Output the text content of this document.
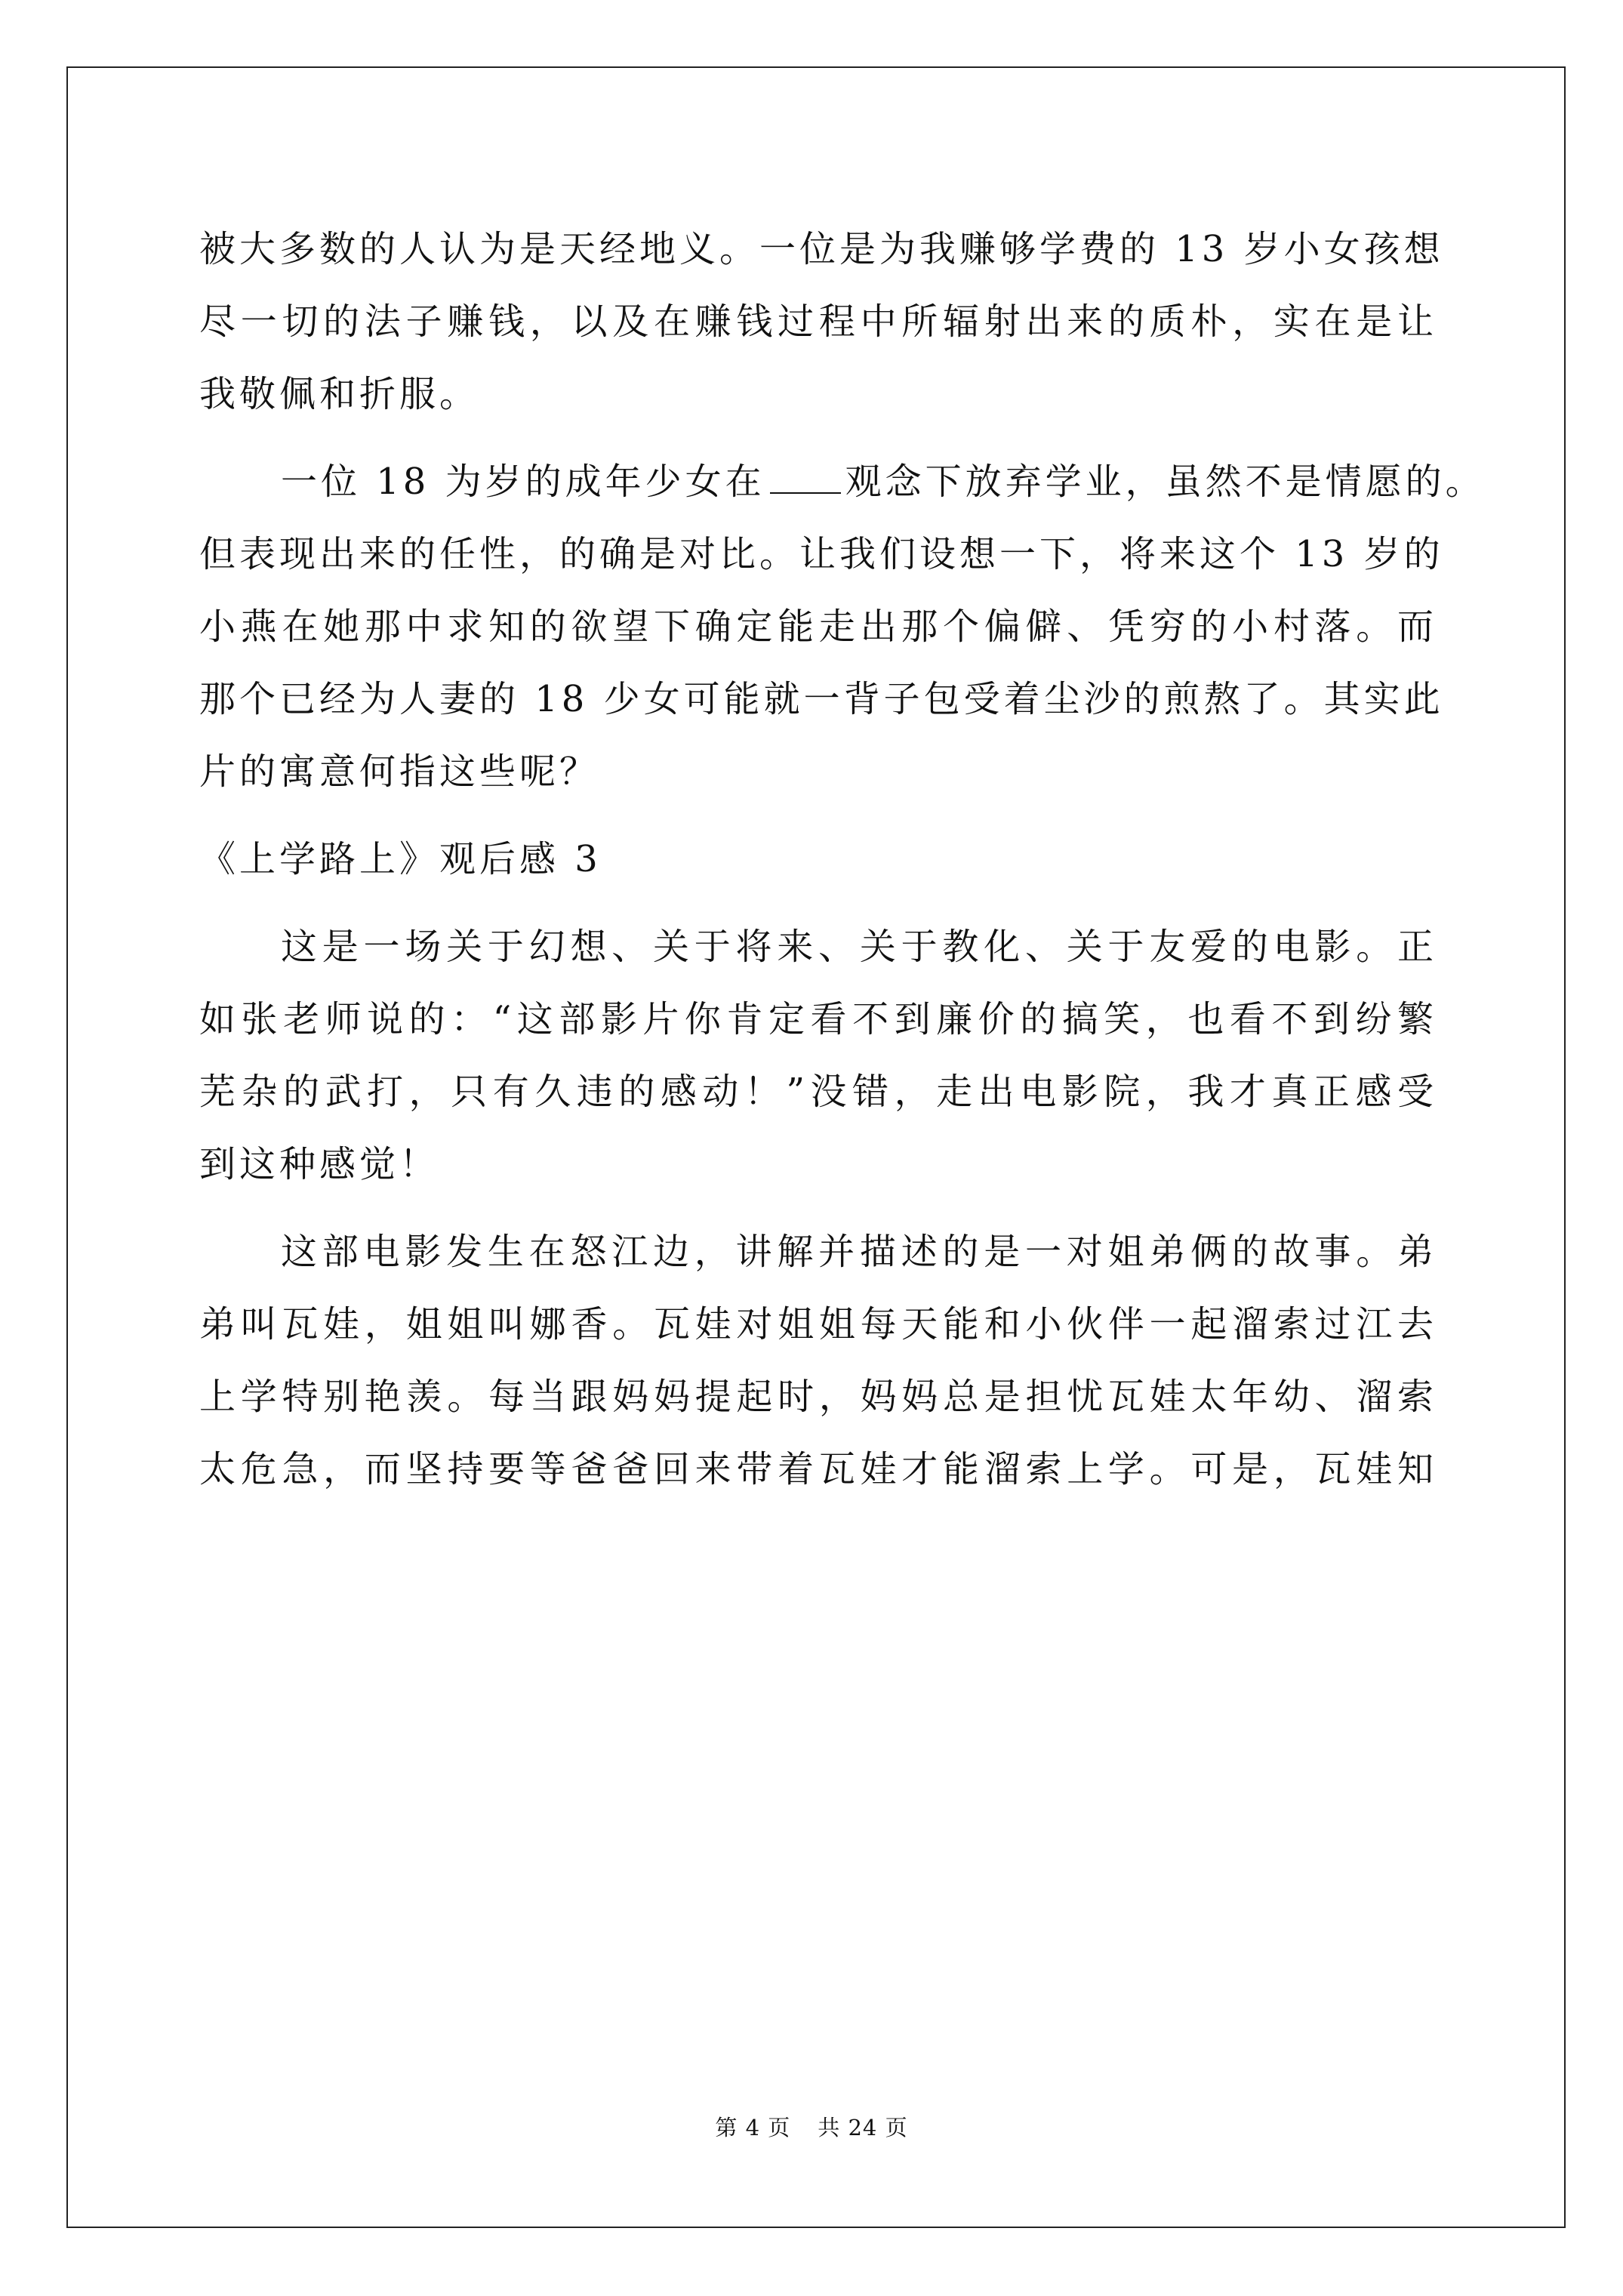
被大多数的人认为是天经地义。一位是为我赚够学费的 13 岁小女孩想
尽一切的法子赚钱，以及在赚钱过程中所辐射出来的质朴，实在是让
我敬佩和折服。
一位 18 为岁的成年少女在 观念下放弃学业，虽然不是情愿的。
但表现出来的任性，的确是对比。让我们设想一下，将来这个 13 岁的
小燕在她那中求知的欲望下确定能走出那个偏僻、凭穷的小村落。而
那个已经为人妻的 18 少女可能就一背子包受着尘沙的煎熬了。其实此
片的寓意何指这些呢？
《上学路上》观后感 3
这是一场关于幻想、关于将来、关于教化、关于友爱的电影。正
如张老师说的：“这部影片你肯定看不到廉价的搞笑，也看不到纷繁
芜杂的武打，只有久违的感动！”没错，走出电影院，我才真正感受
到这种感觉！
这部电影发生在怒江边，讲解并描述的是一对姐弟俩的故事。弟
弟叫瓦娃，姐姐叫娜香。瓦娃对姐姐每天能和小伙伴一起溜索过江去
上学特别艳羡。每当跟妈妈提起时，妈妈总是担忧瓦娃太年幼、溜索
太危急，而坚持要等爸爸回来带着瓦娃才能溜索上学。可是，瓦娃知
第 4 页 共 24 页
